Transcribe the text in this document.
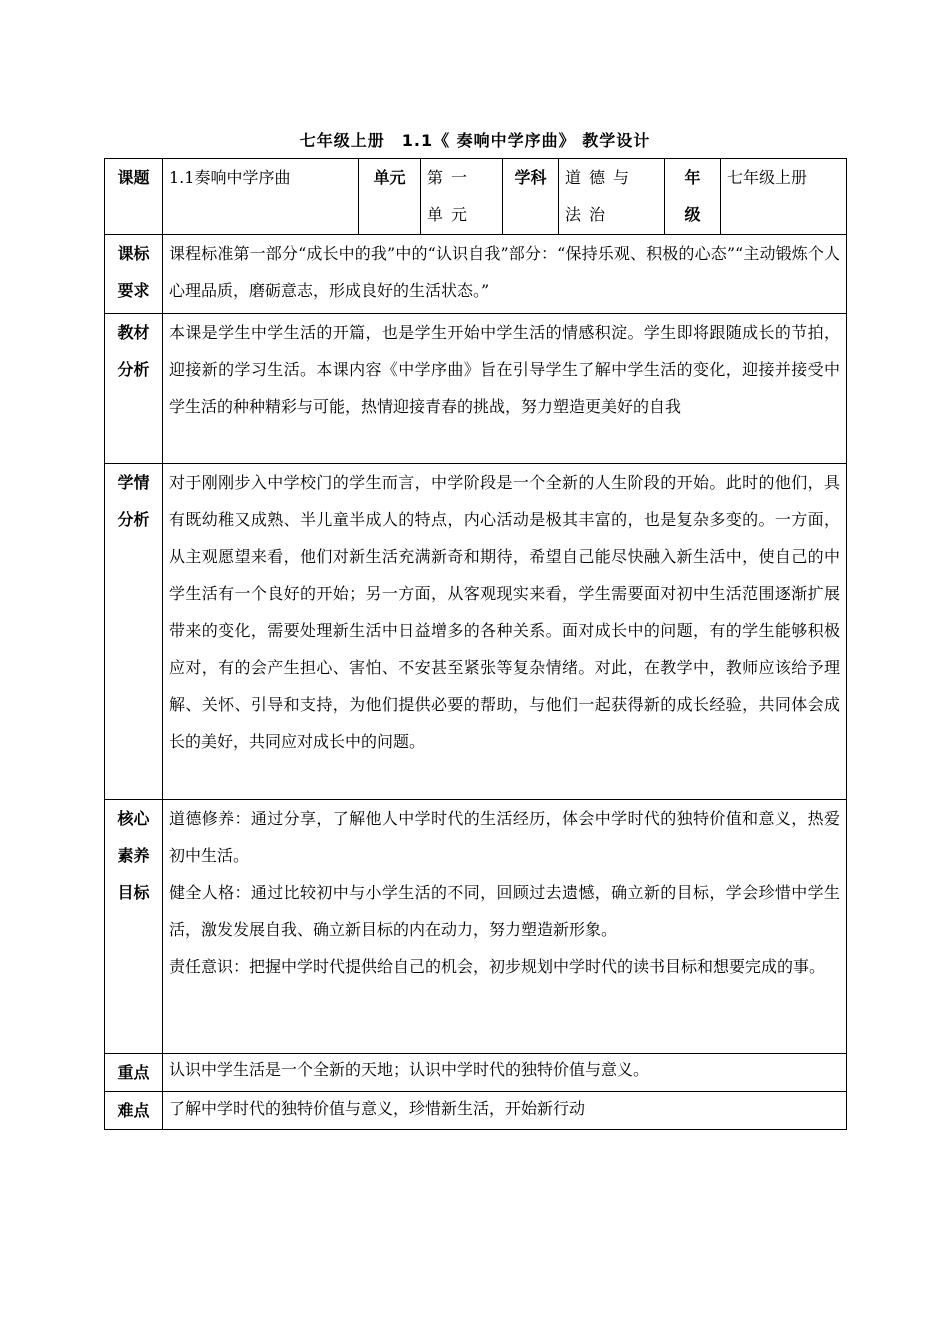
七年级上册　1.1《 奏响中学序曲》 教学设计
课题	1.1奏响中学序曲	单元	第一单元	学科	道德与法治	年级	七年级上册
课标要求	课程标准第一部分“成长中的我”中的“认识自我”部分：“保持乐观、积极的心态”“主动锻炼个人心理品质，磨砺意志，形成良好的生活状态。”						

教材分析	本课是学生中学生活的开篇，也是学生开始中学生活的情感积淀。学生即将跟随成长的节拍，迎接新的学习生活。本课内容《中学序曲》旨在引导学生了解中学生活的变化，迎接并接受中学生活的种种精彩与可能，热情迎接青春的挑战，努力塑造更美好的自我						

学情分析	对于刚刚步入中学校门的学生而言，中学阶段是一个全新的人生阶段的开始。此时的他们，具有既幼稚又成熟、半儿童半成人的特点，内心活动是极其丰富的，也是复杂多变的。一方面，从主观愿望来看，他们对新生活充满新奇和期待，希望自己能尽快融入新生活中，使自己的中学生活有一个良好的开始；另一方面，从客观现实来看，学生需要面对初中生活范围逐渐扩展带来的变化，需要处理新生活中日益增多的各种关系。面对成长中的问题，有的学生能够积极应对，有的会产生担心、害怕、不安甚至紧张等复杂情绪。对此，在教学中，教师应该给予理解、关怀、引导和支持，为他们提供必要的帮助，与他们一起获得新的成长经验，共同体会成长的美好，共同应对成长中的问题。						

核心素养目标	道德修养：通过分享，了解他人中学时代的生活经历，体会中学时代的独特价值和意义，热爱初中生活。
健全人格：通过比较初中与小学生活的不同，回顾过去遗憾，确立新的目标，学会珍惜中学生活，激发发展自我、确立新目标的内在动力，努力塑造新形象。
责任意识：把握中学时代提供给自己的机会，初步规划中学时代的读书目标和想要完成的事。						

重点	认识中学生活是一个全新的天地；认识中学时代的独特价值与意义。						

难点	了解中学时代的独特价值与意义，珍惜新生活，开始新行动						
